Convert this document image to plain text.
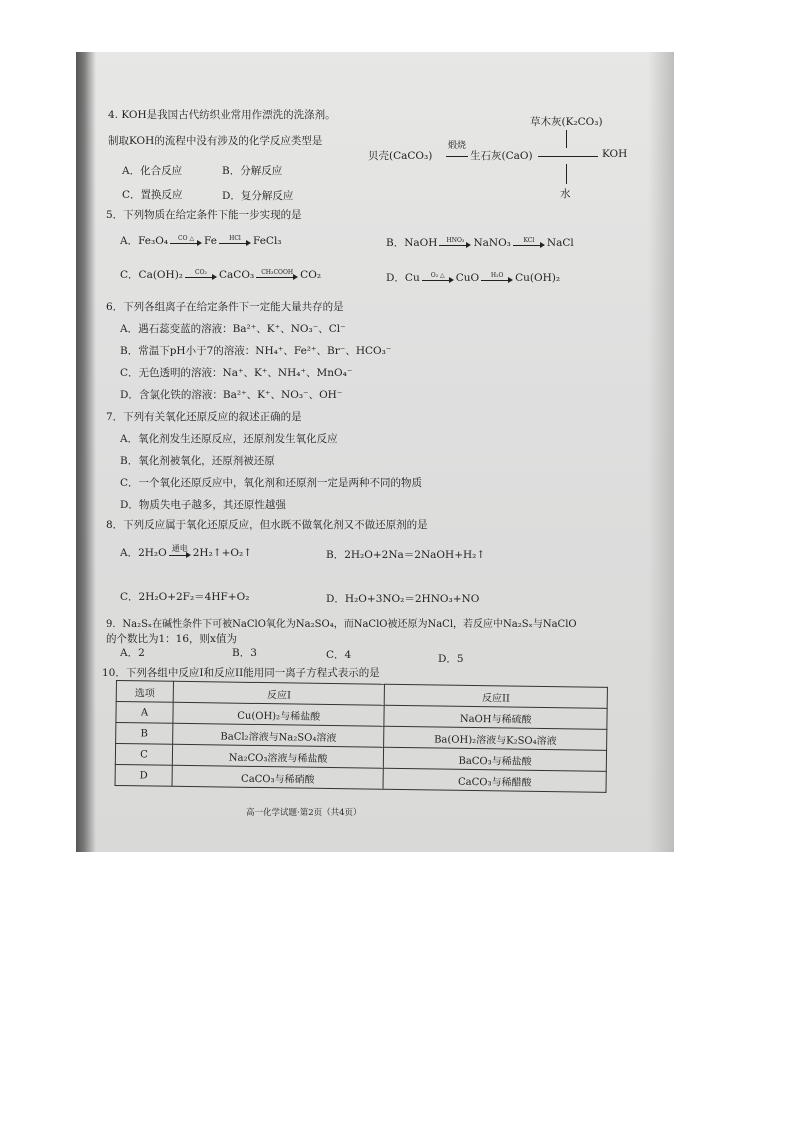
4. KOH是我国古代纺织业常用作漂洗的洗涤剂。
制取KOH的流程中没有涉及的化学反应类型是
A．化合反应	B．分解反应
C．置换反应	D．复分解反应
草木灰(K₂CO₃)
贝壳(CaCO₃)
煅烧
生石灰(CaO)	KOH
水
5．下列物质在给定条件下能一步实现的是
A．Fe₃O₄	CO △ Fe	HCl	FeCl₃	B．NaOH	HNO₃ NaNO₃	KCl	NaCl
C．Ca(OH)₂	CO₂	CaCO₃	CH₃COOH CO₂	D．Cu	O₂ △	CuO	H₂O	Cu(OH)₂
6．下列各组离子在给定条件下一定能大量共存的是
A．遇石蕊变蓝的溶液：Ba²⁺、K⁺、NO₃⁻、Cl⁻
B．常温下pH小于7的溶液：NH₄⁺、Fe²⁺、Br⁻、HCO₃⁻
C．无色透明的溶液：Na⁺、K⁺、NH₄⁺、MnO₄⁻
D．含氯化铁的溶液：Ba²⁺、K⁺、NO₃⁻、OH⁻
7．下列有关氧化还原反应的叙述正确的是
A．氧化剂发生还原反应，还原剂发生氧化反应
B．氧化剂被氧化，还原剂被还原
C．一个氧化还原反应中，氧化剂和还原剂一定是两种不同的物质
D．物质失电子越多，其还原性越强
8．下列反应属于氧化还原反应，但水既不做氧化剂又不做还原剂的是
A．2H₂O 通电 2H₂↑+O₂↑	B．2H₂O+2Na＝2NaOH+H₂↑
C．2H₂O+2F₂＝4HF+O₂	D．H₂O+3NO₂＝2HNO₃+NO
9．Na₂Sₓ在碱性条件下可被NaClO氧化为Na₂SO₄，而NaClO被还原为NaCl，若反应中Na₂Sₓ与NaClO
的个数比为1：16，则x值为
A．2	B．3	C．4	D．5
10．下列各组中反应I和反应II能用同一离子方程式表示的是
选项	反应I	反应II
A	Cu(OH)₂与稀盐酸	NaOH与稀硫酸
B	BaCl₂溶液与Na₂SO₄溶液	Ba(OH)₂溶液与K₂SO₄溶液
C	Na₂CO₃溶液与稀盐酸	BaCO₃与稀盐酸
D	CaCO₃与稀硝酸	CaCO₃与稀醋酸
高一化学试题·第2页（共4页）
